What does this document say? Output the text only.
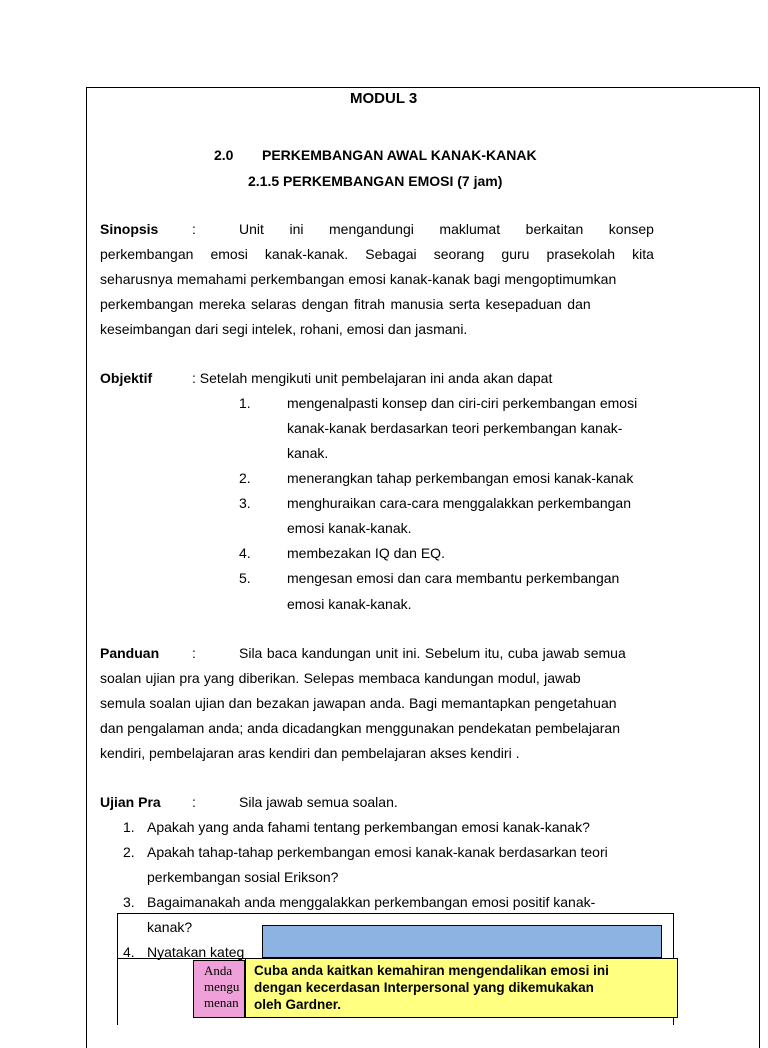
MODUL 3
2.0 PERKEMBANGAN AWAL KANAK-KANAK
2.1.5 PERKEMBANGAN EMOSI (7 jam)
Sinopsis :	Unit ini mengandungi maklumat berkaitan konsep
perkembangan emosi kanak-kanak. Sebagai seorang guru prasekolah kita
seharusnya memahami perkembangan emosi kanak-kanak bagi mengoptimumkan
perkembangan mereka selaras dengan fitrah manusia serta kesepaduan dan
keseimbangan dari segi intelek, rohani, emosi dan jasmani.
Objektif	: Setelah mengikuti unit pembelajaran ini anda akan dapat
1.	mengenalpasti konsep dan ciri-ciri perkembangan emosi
kanak-kanak berdasarkan teori perkembangan kanak-
kanak.
2.	menerangkan tahap perkembangan emosi kanak-kanak
3.	menghuraikan cara-cara menggalakkan perkembangan
emosi kanak-kanak.
4.	membezakan IQ dan EQ.
5.	mengesan emosi dan cara membantu perkembangan
emosi kanak-kanak.
Panduan :	Sila baca kandungan unit ini. Sebelum itu, cuba jawab semua
soalan ujian pra yang diberikan. Selepas membaca kandungan modul, jawab
semula soalan ujian dan bezakan jawapan anda. Bagi memantapkan pengetahuan
dan pengalaman anda; anda dicadangkan menggunakan pendekatan pembelajaran
kendiri, pembelajaran aras kendiri dan pembelajaran akses kendiri .
Ujian Pra :	Sila jawab semua soalan.
1. Apakah yang anda fahami tentang perkembangan emosi kanak-kanak?
2. Apakah tahap-tahap perkembangan emosi kanak-kanak berdasarkan teori
perkembangan sosial Erikson?
3. Bagaimanakah anda menggalakkan perkembangan emosi positif kanak-
kanak?
4. Nyatakan kateg
Anda
mengu
menan
Cuba anda kaitkan kemahiran mengendalikan emosi ini
dengan kecerdasan Interpersonal yang dikemukakan
oleh Gardner.
